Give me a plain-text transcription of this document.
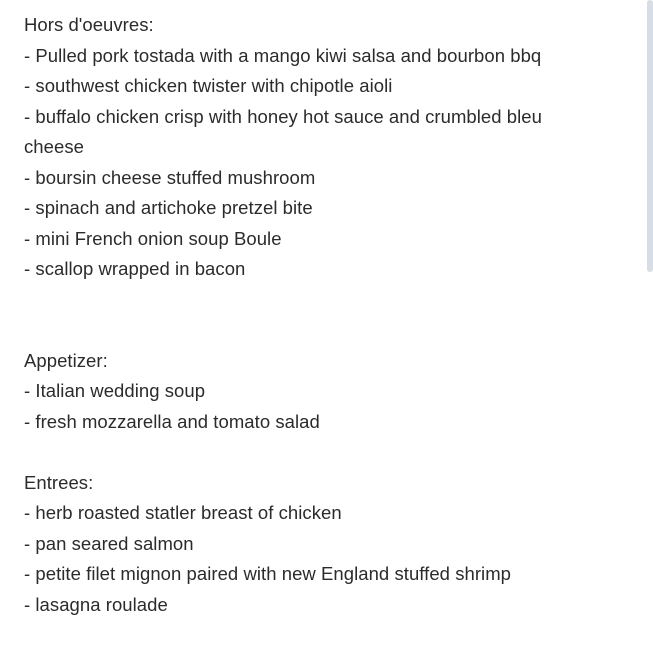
Hors d'oeuvres:
- Pulled pork tostada with a mango kiwi salsa and bourbon bbq
- southwest chicken twister with chipotle aioli
- buffalo chicken crisp with honey hot sauce and crumbled bleu cheese
- boursin cheese stuffed mushroom
- spinach and artichoke pretzel bite
- mini French onion soup Boule
- scallop wrapped in bacon
Appetizer:
- Italian wedding soup
- fresh mozzarella and tomato salad
Entrees:
- herb roasted statler breast of chicken
- pan seared salmon
- petite filet mignon paired with new England stuffed shrimp
- lasagna roulade
